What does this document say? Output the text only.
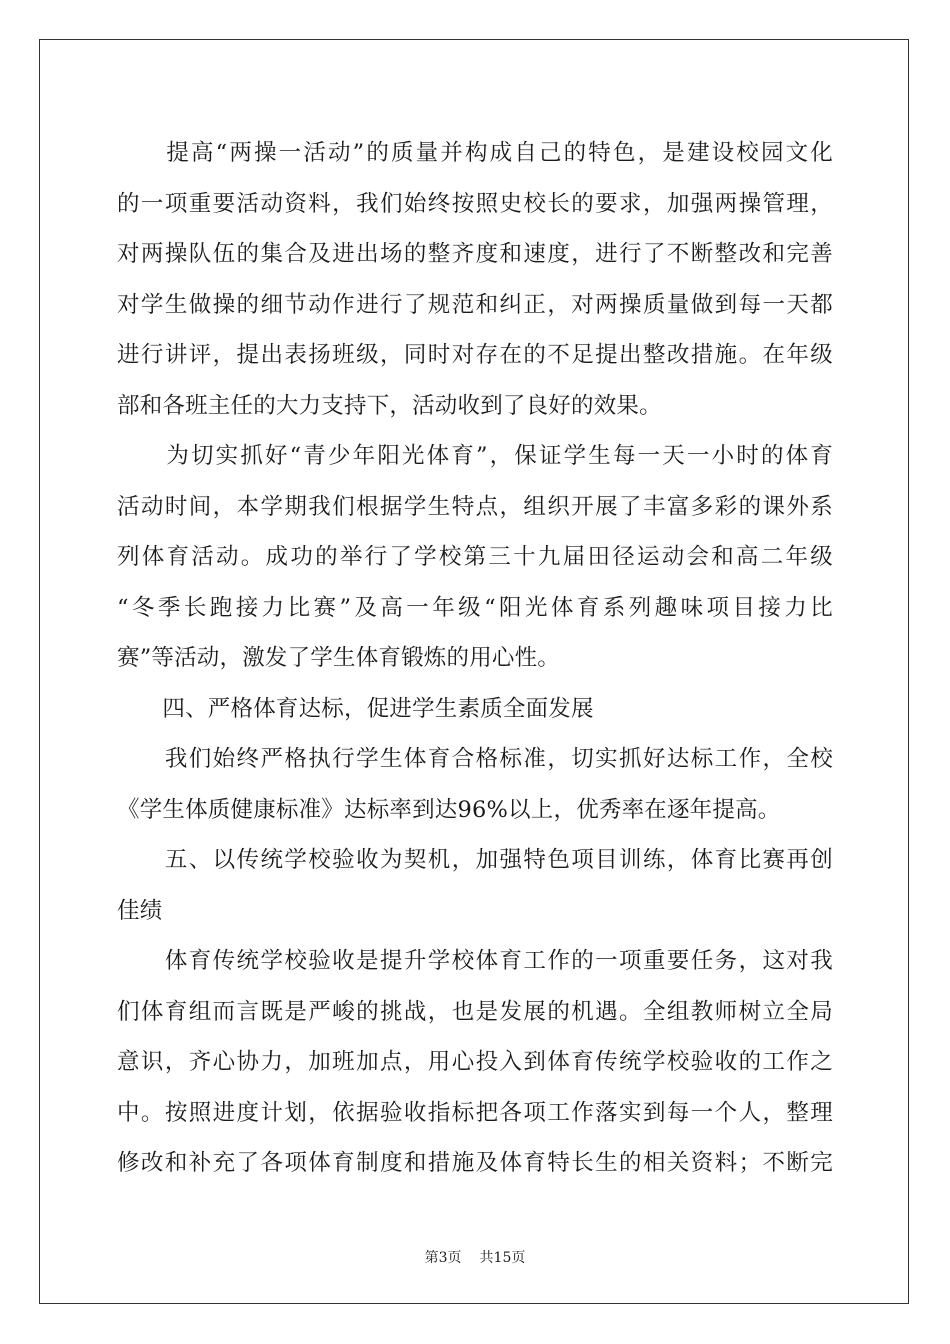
　　提高“两操一活动”的质量并构成自己的特色，是建设校园文化
的一项重要活动资料，我们始终按照史校长的要求，加强两操管理，
对两操队伍的集合及进出场的整齐度和速度，进行了不断整改和完善
对学生做操的细节动作进行了规范和纠正，对两操质量做到每一天都
进行讲评，提出表扬班级，同时对存在的不足提出整改措施。在年级
部和各班主任的大力支持下，活动收到了良好的效果。
　　为切实抓好“青少年阳光体育”，保证学生每一天一小时的体育
活动时间，本学期我们根据学生特点，组织开展了丰富多彩的课外系
列体育活动。成功的举行了学校第三十九届田径运动会和高二年级
“冬季长跑接力比赛”及高一年级“阳光体育系列趣味项目接力比
赛”等活动，激发了学生体育锻炼的用心性。
　　四、严格体育达标，促进学生素质全面发展
　　我们始终严格执行学生体育合格标准，切实抓好达标工作，全校
《学生体质健康标准》达标率到达96%以上，优秀率在逐年提高。
　　五、以传统学校验收为契机，加强特色项目训练，体育比赛再创
佳绩
　　体育传统学校验收是提升学校体育工作的一项重要任务，这对我
们体育组而言既是严峻的挑战，也是发展的机遇。全组教师树立全局
意识，齐心协力，加班加点，用心投入到体育传统学校验收的工作之
中。按照进度计划，依据验收指标把各项工作落实到每一个人，整理
修改和补充了各项体育制度和措施及体育特长生的相关资料；不断完
第3页 共15页
